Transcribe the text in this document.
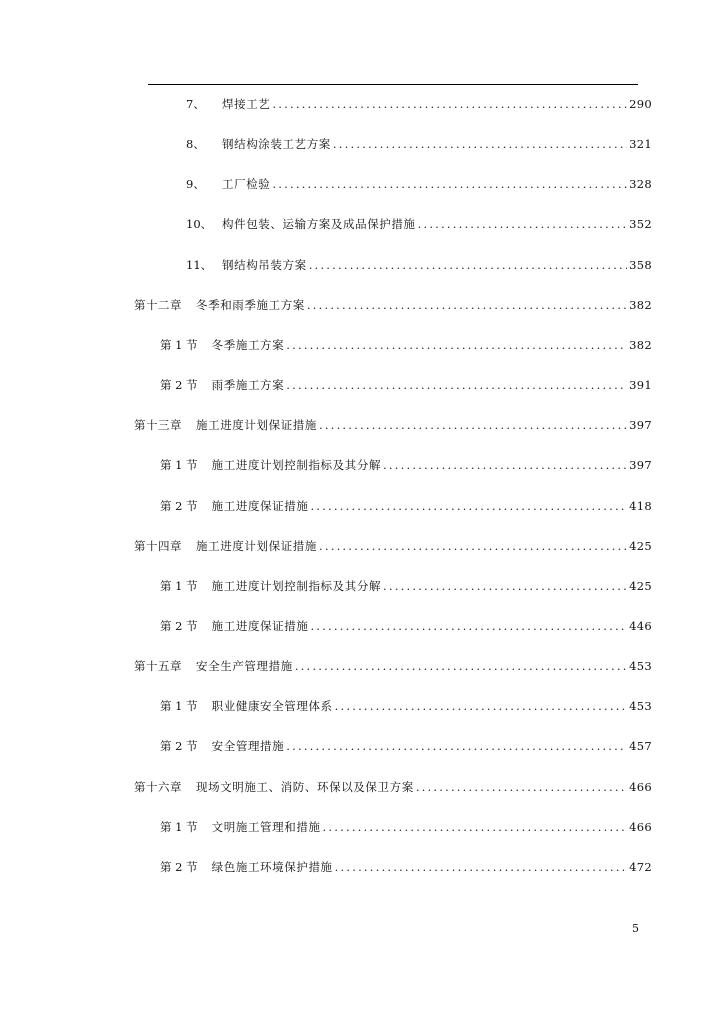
7、	焊接工艺 .....	290
8、	钢结构涂装工艺方案 .....	321
9、	工厂检验 .....	328
10、 构件包装、运输方案及成品保护措施 .....	352
11、 钢结构吊装方案 .....	358
第十二章 冬季和雨季施工方案 .....	382
第 1 节 冬季施工方案 .....	382
第 2 节 雨季施工方案 .....	391
第十三章 施工进度计划保证措施 .....	397
第 1 节 施工进度计划控制指标及其分解 .....	397
第 2 节 施工进度保证措施 .....	418
第十四章 施工进度计划保证措施 .....	425
第 1 节 施工进度计划控制指标及其分解 .....	425
第 2 节 施工进度保证措施 .....	446
第十五章 安全生产管理措施 .....	453
第 1 节 职业健康安全管理体系 .....	453
第 2 节 安全管理措施 .....	457
第十六章 现场文明施工、消防、环保以及保卫方案 .....	466
第 1 节 文明施工管理和措施 .....	466
第 2 节 绿色施工环境保护措施 .....	472
5
